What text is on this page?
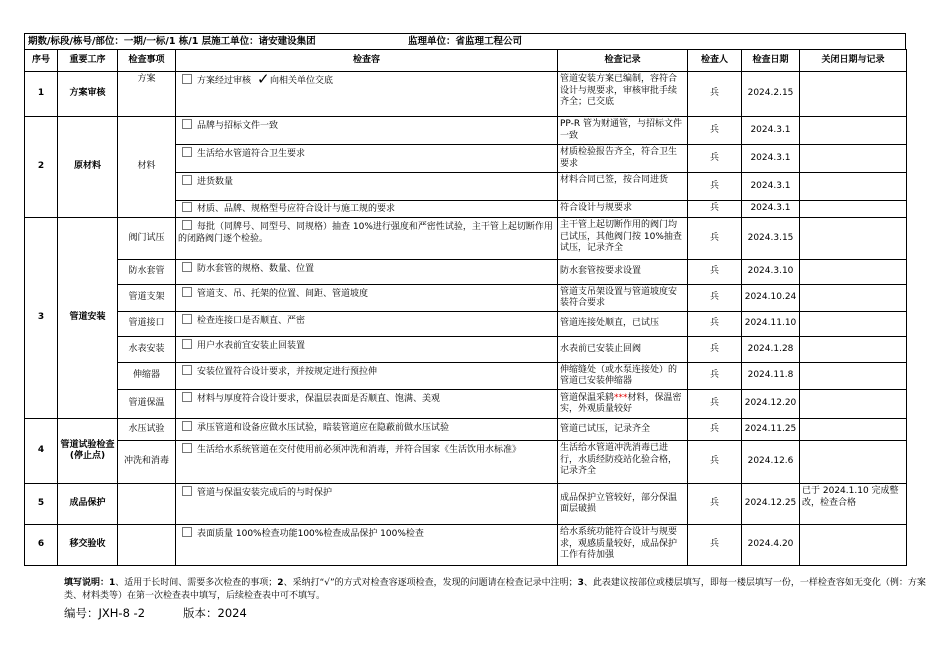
期数/标段/栋号/部位：一期/一标/1 栋/1 层施工单位：诸安建设集团	监理单位：省监理工程公司
序号	重要工序	检查事项	检查容	检查记录	检查人	检查日期	关闭日期与记录
1	方案审核	方案	方案经过审核 ✓向相关单位交底	管道安装方案已编制，容符合设计与规要求，审核审批手续齐全；已交底	兵	2024.2.15	
2	原材料	材料	品牌与招标文件一致	PP-R 管为财通管，与招标文件一致	兵	2024.3.1	
			生活给水管道符合卫生要求	材质检验报告齐全，符合卫生要求	兵	2024.3.1	
			进货数量	材料合同已签，按合同进货	兵	2024.3.1	
			材质、品牌、规格型号应符合设计与施工规的要求	符合设计与规要求	兵	2024.3.1	
3	管道安装	阀门试压	每批（同牌号、同型号、同规格）抽查 10%进行强度和严密性试验，主干管上起切断作用的闭路阀门逐个检验。	主干管上起切断作用的阀门均已试压，其他阀门按 10%抽查试压，记录齐全	兵	2024.3.15	
		防水套管	防水套管的规格、数量、位置	防水套管按要求设置	兵	2024.3.10	
		管道支架	管道支、吊、托架的位置、间距、管道坡度	管道支吊架设置与管道坡度安装符合要求	兵	2024.10.24	
		管道接口	检查连接口是否顺直、严密	管道连接处顺直，已试压	兵	2024.11.10	
		水表安装	用户水表前宜安装止回装置	水表前已安装止回阀	兵	2024.1.28	
		伸缩器	安装位置符合设计要求，并按规定进行预拉伸	伸缩缝处（或水泵连接处）的管道已安装伸缩器	兵	2024.11.8	
		管道保温	材料与厚度符合设计要求，保温层表面是否顺直、饱满、美观	管道保温采鸫***材料，保温密实，外观质量较好	兵	2024.12.20	
4	管道试验检查(停止点)	水压试验	承压管道和设备应做水压试验，暗装管道应在隐蔽前做水压试验	管道已试压，记录齐全	兵	2024.11.25	
		冲洗和消毒	生活给水系统管道在交付使用前必须冲洗和消毒，并符合国家《生活饮用水标准》	生活给水管道冲洗消毒已进行，水质经防疫站化验合格，记录齐全	兵	2024.12.6	
5	成品保护		管道与保温安装完成后的与时保护	成品保护立管较好，部分保温面层破损	兵	2024.12.25	已于 2024.1.10 完成整改，检查合格
6	移交验收		表面质量 100%检查功能100%检查成品保护 100%检查	给水系统功能符合设计与规要求，观感质量较好，成品保护工作有待加强	兵	2024.4.20	
填写说明：1、适用于长时间、需要多次检查的事项；2、采纳打“√”的方式对检查容逐项检查，发现的问题请在检查记录中注明；3、此表建议按部位或楼层填写，即每一楼层填写一份，一样检查容如无变化（例：方案类、材料类等）在第一次检查表中填写，后续检查表中可不填写。
编号：JXH-8 -2	版本：2024
